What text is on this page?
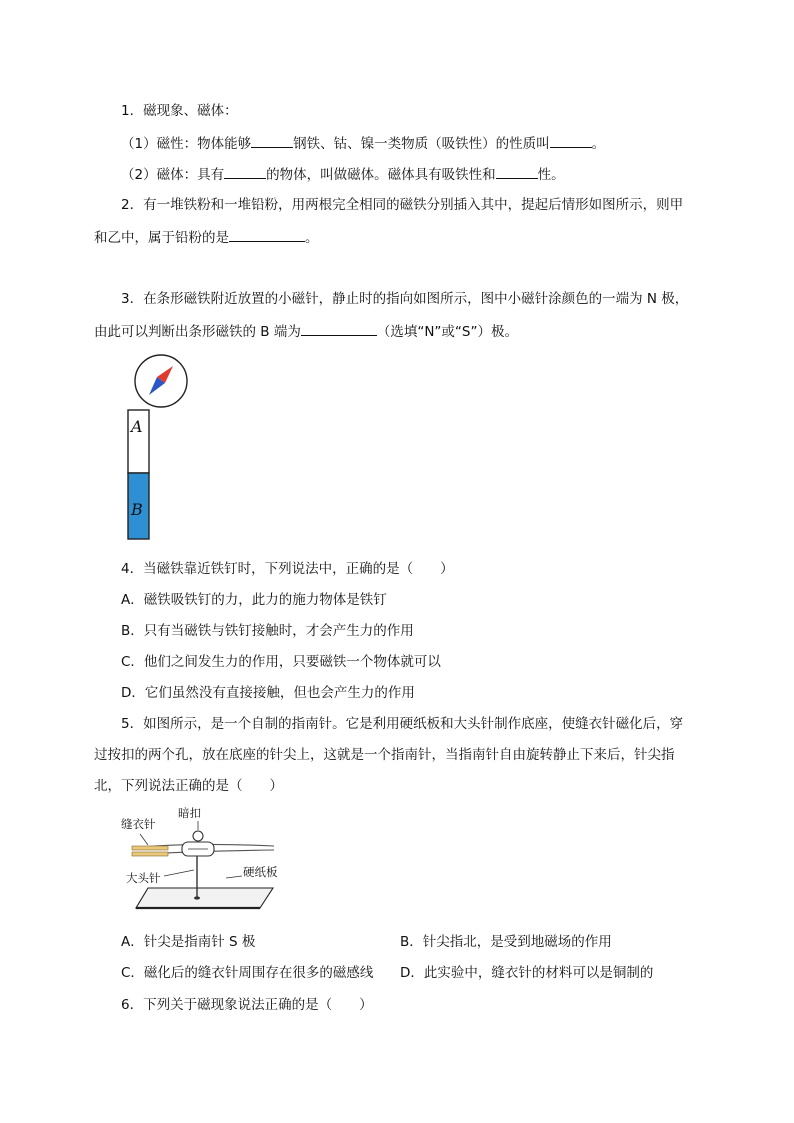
1．磁现象、磁体：
（1）磁性：物体能够	钢铁、钴、镍一类物质（吸铁性）的性质叫	。
（2）磁体：具有	的物体，叫做磁体。磁体具有吸铁性和	性。
2．有一堆铁粉和一堆铅粉，用两根完全相同的磁铁分别插入其中，提起后情形如图所示，则甲
和乙中，属于铅粉的是	。
3．在条形磁铁附近放置的小磁针，静止时的指向如图所示，图中小磁针涂颜色的一端为 N 极，
由此可以判断出条形磁铁的 B 端为	（选填“N”或“S”）极。
A
B
4．当磁铁靠近铁钉时，下列说法中，正确的是（　　）
A．磁铁吸铁钉的力，此力的施力物体是铁钉
B．只有当磁铁与铁钉接触时，才会产生力的作用
C．他们之间发生力的作用，只要磁铁一个物体就可以
D．它们虽然没有直接接触，但也会产生力的作用
5．如图所示，是一个自制的指南针。它是利用硬纸板和大头针制作底座，使缝衣针磁化后，穿
过按扣的两个孔，放在底座的针尖上，这就是一个指南针，当指南针自由旋转静止下来后，针尖指
北，下列说法正确的是（　　）
缝衣针
暗扣
大头针	硬纸板
A．针尖是指南针 S 极	B．针尖指北，是受到地磁场的作用
C．磁化后的缝衣针周围存在很多的磁感线 D．此实验中，缝衣针的材料可以是铜制的
6．下列关于磁现象说法正确的是（　　）
